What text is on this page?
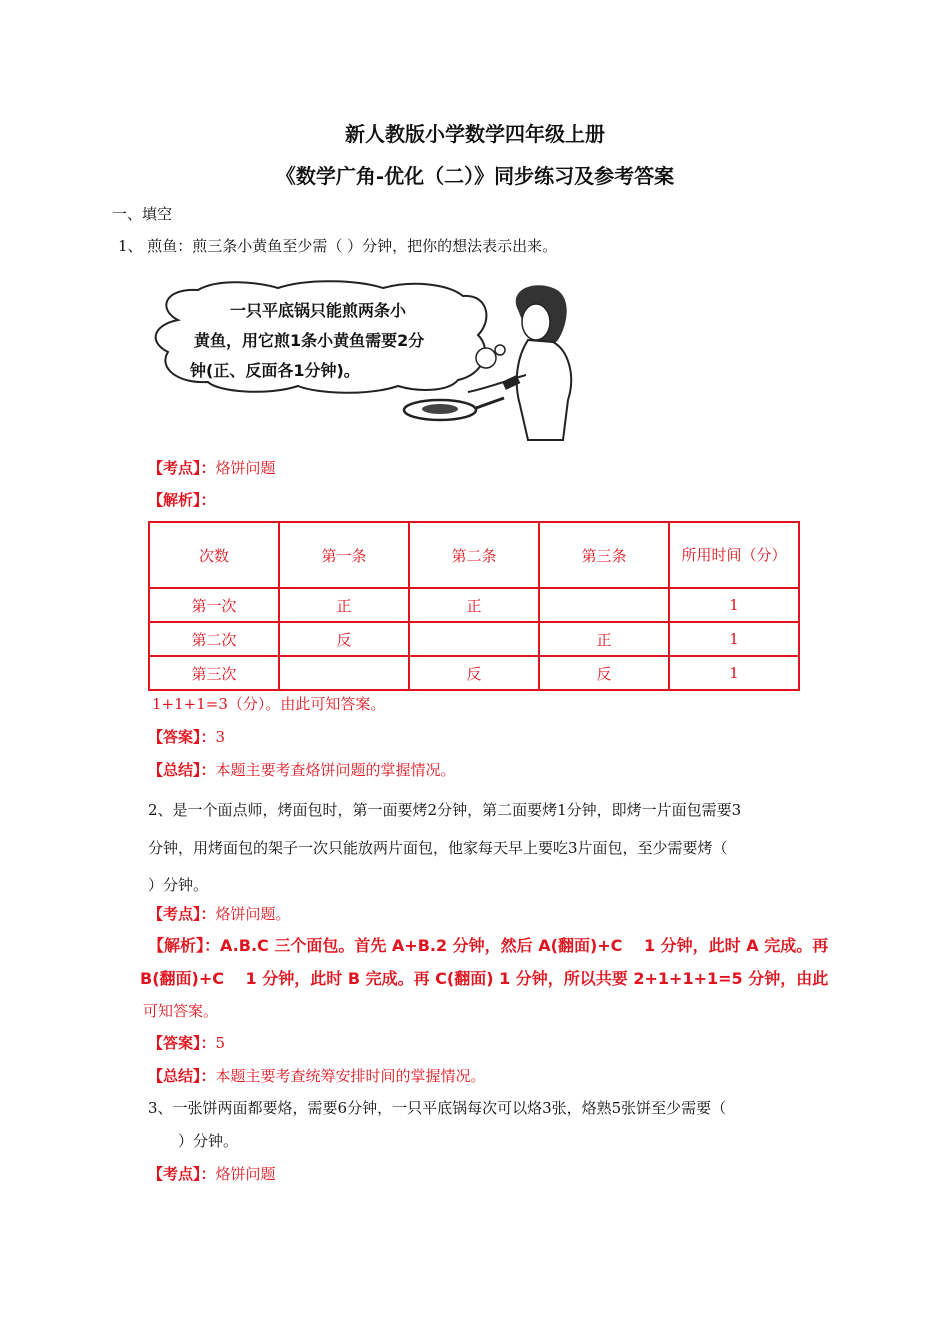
新人教版小学数学四年级上册
《数学广角-优化（二）》同步练习及参考答案
一、填空
1、 煎鱼：煎三条小黄鱼至少需（ ）分钟，把你的想法表示出来。
一只平底锅只能煎两条小
黄鱼，用它煎1条小黄鱼需要2分
钟(正、反面各1分钟)。
【考点】：烙饼问题
【解析】：
次数	第一条	第二条	第三条	所用时间（分）
第一次	正	正		1
第二次	反		正	1
第三次		反	反	1
1+1+1=3（分）。由此可知答案。
【答案】：3
【总结】：本题主要考查烙饼问题的掌握情况。
2、是一个面点师，烤面包时，第一面要烤2分钟，第二面要烤1分钟，即烤一片面包需要3
分钟，用烤面包的架子一次只能放两片面包，他家每天早上要吃3片面包，至少需要烤（
）分钟。
【考点】：烙饼问题。
【解析】：A.B.C 三个面包。首先 A+B.2 分钟，然后 A(翻面)+C　 1 分钟，此时 A 完成。再
B(翻面)+C　 1 分钟，此时 B 完成。再 C(翻面) 1 分钟，所以共要 2+1+1+1=5 分钟，由此
可知答案。
【答案】：5
【总结】：本题主要考查统筹安排时间的掌握情况。
3、一张饼两面都要烙，需要6分钟，一只平底锅每次可以烙3张，烙熟5张饼至少需要（
）分钟。
【考点】：烙饼问题
